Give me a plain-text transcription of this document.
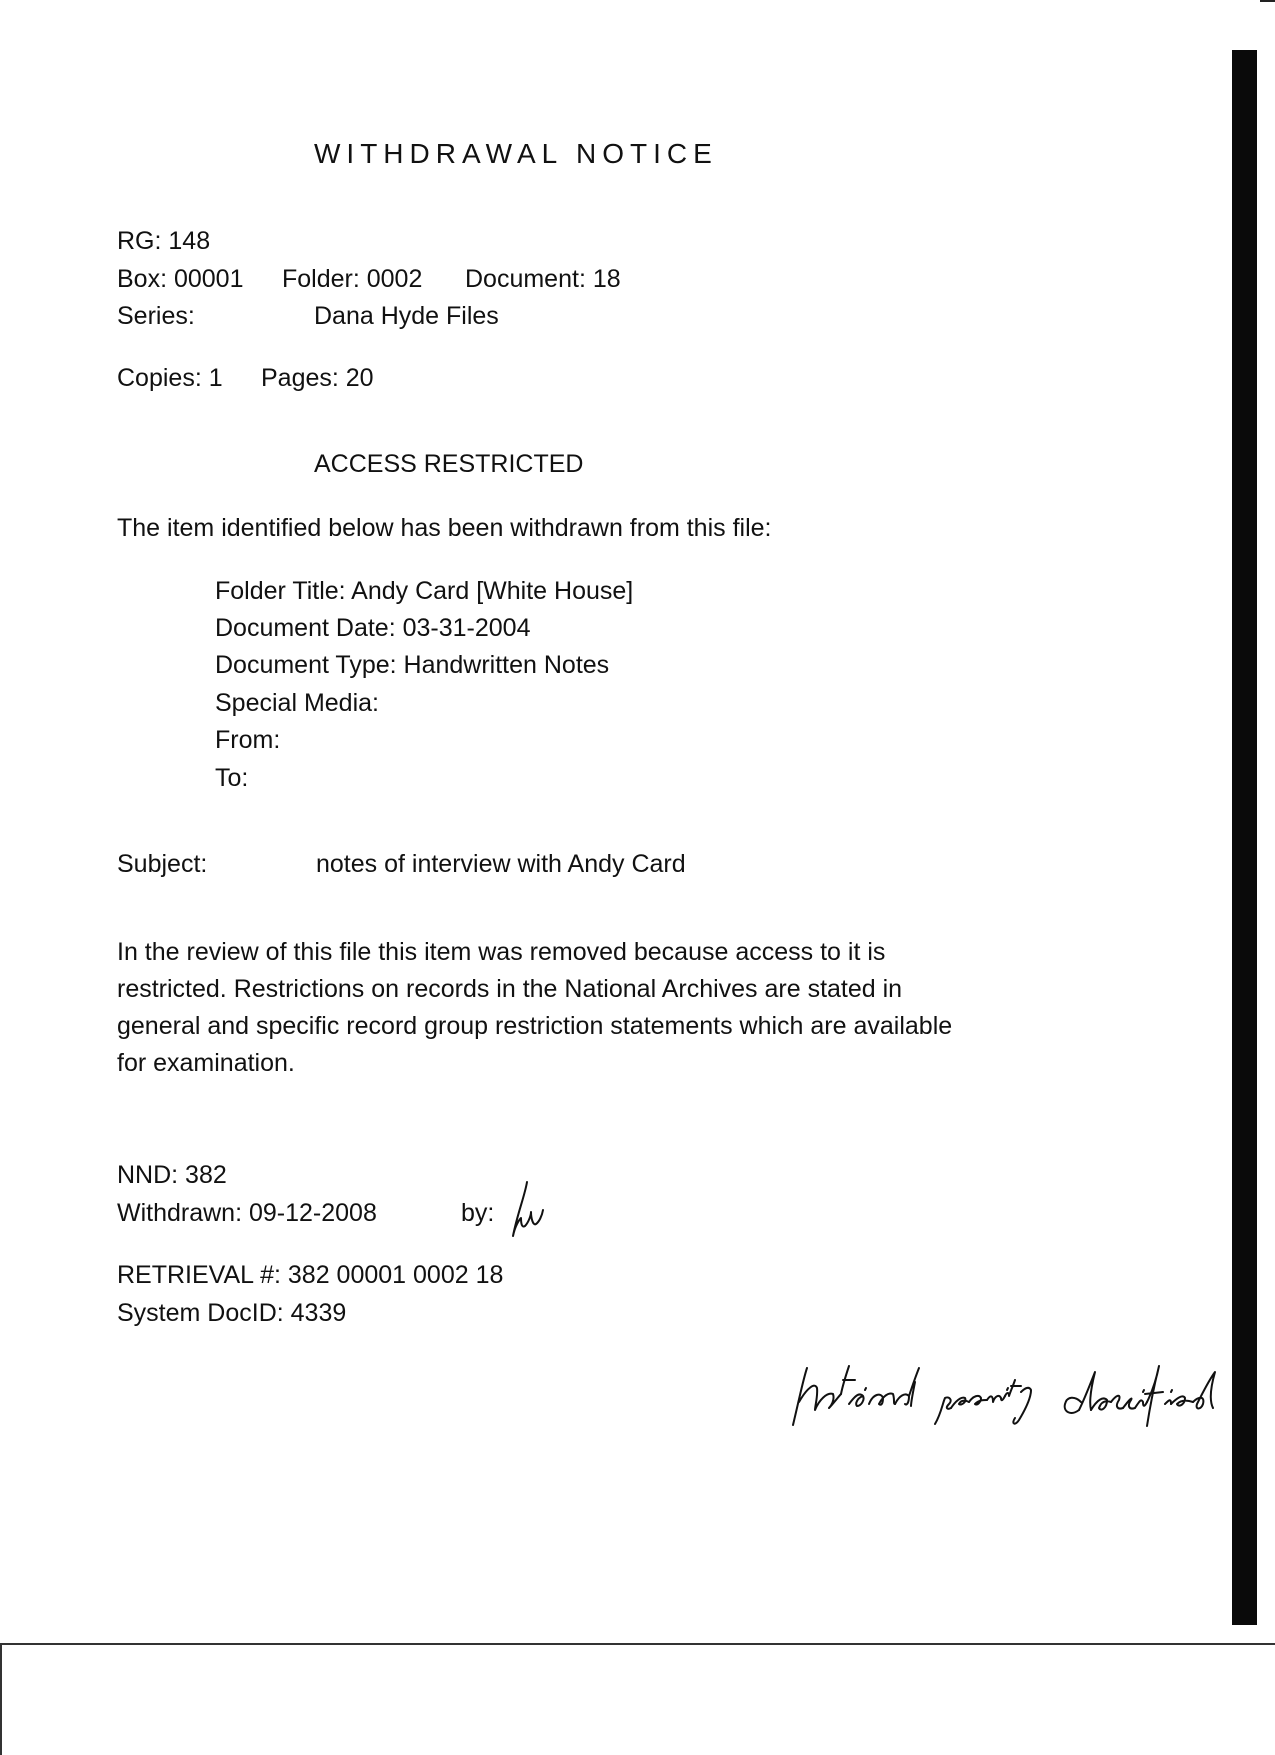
WITHDRAWAL NOTICE
RG: 148
Box: 00001 Folder: 0002 Document: 18
Series:	Dana Hyde Files
Copies: 1 Pages: 20
ACCESS RESTRICTED
The item identified below has been withdrawn from this file:
Folder Title: Andy Card [White House]
Document Date: 03-31-2004
Document Type: Handwritten Notes
Special Media:
From:
To:
Subject:	notes of interview with Andy Card
In the review of this file this item was removed because access to it is
restricted. Restrictions on records in the National Archives are stated in
general and specific record group restriction statements which are available
for examination.
NND: 382
Withdrawn: 09-12-2008	by:
RETRIEVAL #: 382 00001 0002 18
System DocID: 4339
